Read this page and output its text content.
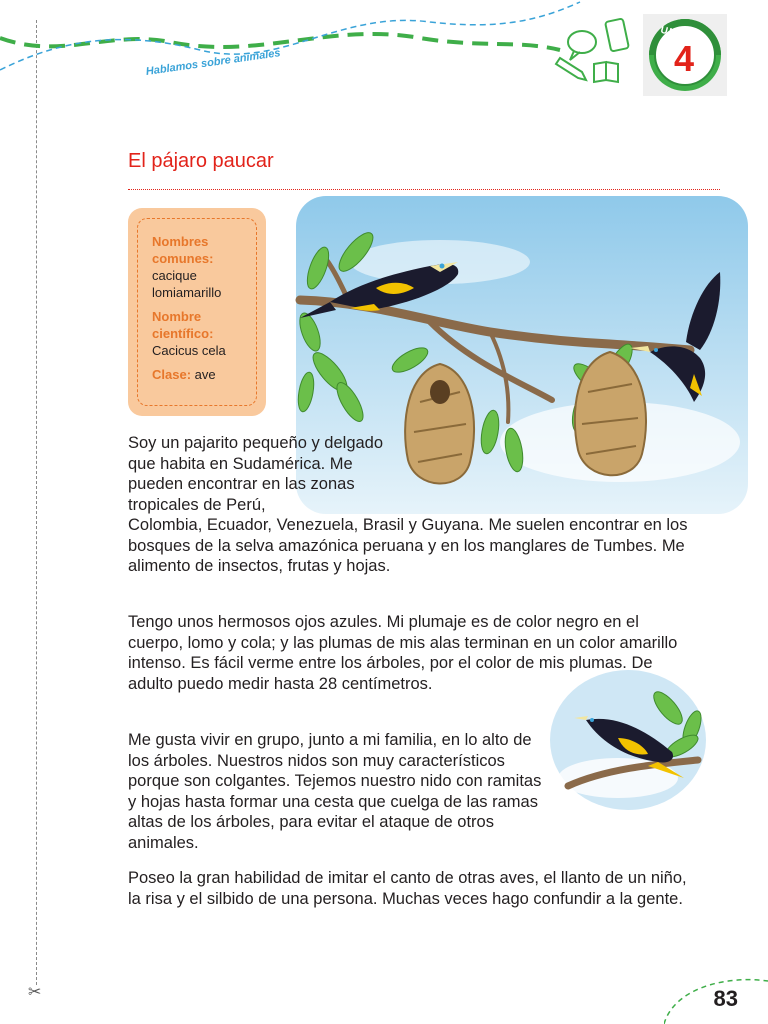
✂
Hablamos sobre animales
UNIDAD
4
El pájaro paucar
Nombres comunes:
cacique lomiamarillo
Nombre científico:
Cacicus cela
Clase: ave
Soy un pajarito pequeño y delgado que habita en Sudamérica. Me pueden encontrar en las zonas tropicales de Perú,
Colombia, Ecuador, Venezuela, Brasil y Guyana. Me suelen encontrar en los bosques de la selva amazónica peruana y en los manglares de Tumbes. Me alimento de insectos, frutas y hojas.

Tengo unos hermosos ojos azules. Mi plumaje es de color negro en el cuerpo, lomo y cola; y las plumas de mis alas terminan en un color amarillo intenso. Es fácil verme entre los árboles, por el color de mis plumas. De adulto puedo medir hasta 28 centímetros.

Me gusta vivir en grupo, junto a mi familia, en lo alto de los árboles. Nuestros nidos son muy característicos porque son colgantes. Tejemos nuestro nido con ramitas y hojas hasta formar una cesta que cuelga de las ramas altas de los árboles, para evitar el ataque de otros animales.

Poseo la gran habilidad de imitar el canto de otras aves, el llanto de un niño, la risa y el silbido de una persona. Muchas veces hago confundir a la gente.

83
